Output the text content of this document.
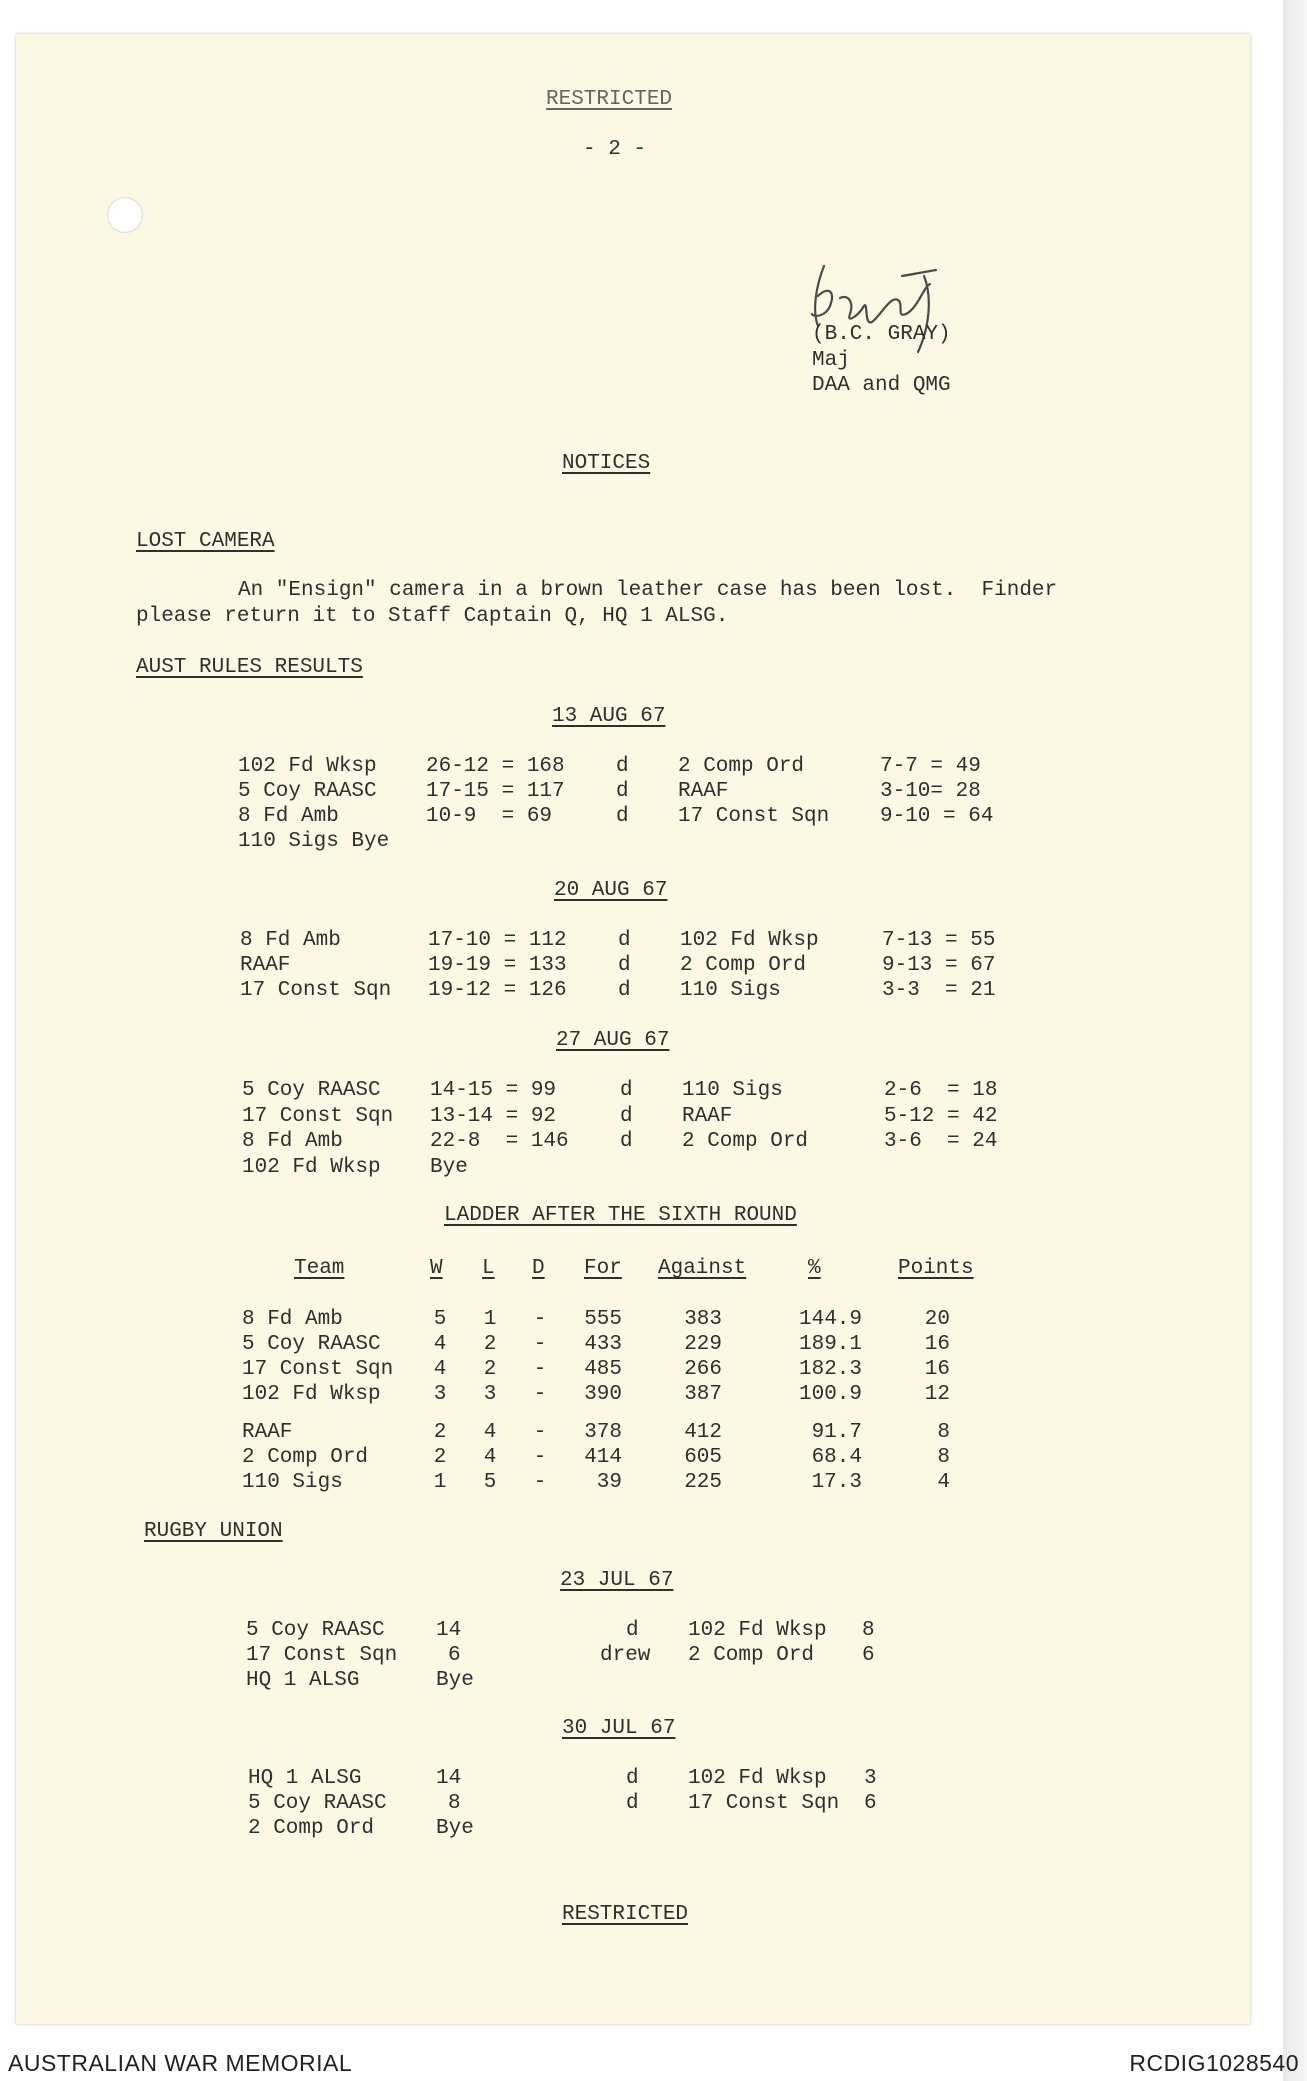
RESTRICTED
- 2 -
(B.C. GRAY)
Maj
DAA and QMG
NOTICES
LOST CAMERA
An "Ensign" camera in a brown leather case has been lost.  Finder
please return it to Staff Captain Q, HQ 1 ALSG.
AUST RULES RESULTS
13 AUG 67
102 Fd Wksp 26-12 = 168 d 2 Comp Ord	7-7 = 49
5 Coy RAASC 17-15 = 117 d RAAF	3-10= 28
8 Fd Amb	10-9  = 69	d 17 Const Sqn 9-10 = 64
110 Sigs Bye
20 AUG 67
8 Fd Amb	17-10 = 112 d 102 Fd Wksp	7-13 = 55
RAAF	19-19 = 133 d 2 Comp Ord	9-13 = 67
17 Const Sqn 19-12 = 126 d 110 Sigs	3-3  = 21
27 AUG 67
5 Coy RAASC 14-15 = 99	d 110 Sigs	2-6  = 18
17 Const Sqn 13-14 = 92	d RAAF	5-12 = 42
8 Fd Amb	22-8  = 146 d 2 Comp Ord	3-6  = 24
102 Fd Wksp Bye
LADDER AFTER THE SIXTH ROUND
Team	W L D For Against	%	Points
8 Fd Amb	5	1	-	555	383	144.9	20
5 Coy RAASC	4	2	-	433	229	189.1	16
17 Const Sqn	4	2	-	485	266	182.3	16
102 Fd Wksp	3	3	-	390	387	100.9	12
RAAF	2	4	-	378	412	91.7	8
2 Comp Ord	2	4	-	414	605	68.4	8
110 Sigs	1	5	-	39	225	17.3	4
RUGBY UNION
23 JUL 67
5 Coy RAASC 14	d 102 Fd Wksp 8
17 Const Sqn 6	drew 2 Comp Ord 6
HQ 1 ALSG	Bye
30 JUL 67
HQ 1 ALSG	14	d 102 Fd Wksp 3
5 Coy RAASC	8	d 17 Const Sqn 6
2 Comp Ord	Bye
RESTRICTED
AUSTRALIAN WAR MEMORIAL	RCDIG1028540
